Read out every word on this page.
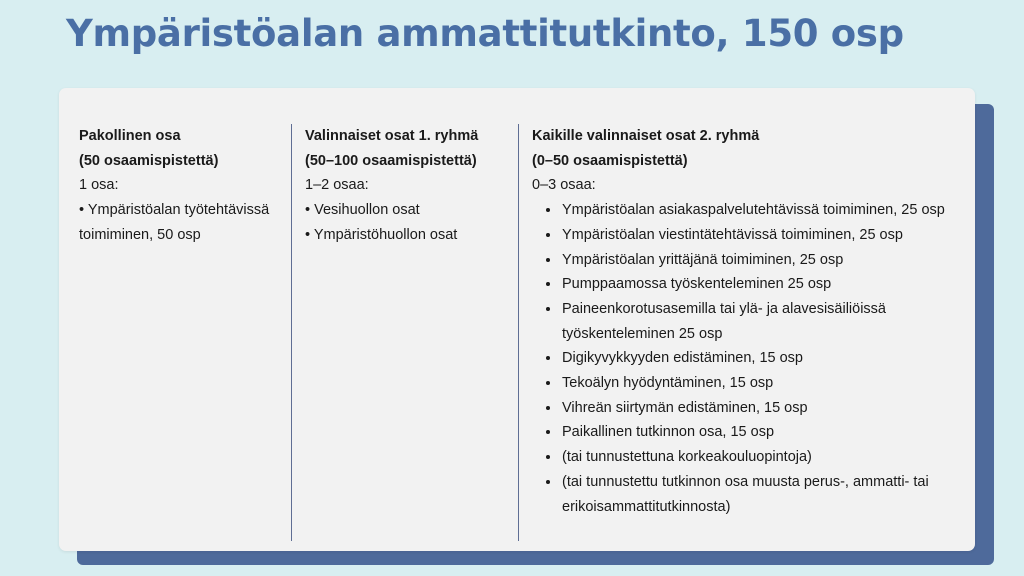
Ympäristöalan ammattitutkinto, 150 osp

Pakollinen osa

(50 osaamispistettä)

1 osa:

• Ympäristöalan työtehtävissä toimiminen, 50 osp

Valinnaiset osat 1. ryhmä

(50–100 osaamispistettä)

1–2 osaa:

• Vesihuollon osat
• Ympäristöhuollon osat

Kaikille valinnaiset osat 2. ryhmä

(0–50 osaamispistettä)

0–3 osaa:

• Ympäristöalan asiakaspalvelutehtävissä toimiminen, 25 osp
• Ympäristöalan viestintätehtävissä toimiminen, 25 osp
• Ympäristöalan yrittäjänä toimiminen, 25 osp
• Pumppaamossa työskenteleminen 25 osp
• Paineenkorotusasemilla tai ylä- ja alavesisäiliöissä työskenteleminen 25 osp
• Digikyvykkyyden edistäminen, 15 osp
• Tekoälyn hyödyntäminen, 15 osp
• Vihreän siirtymän edistäminen, 15 osp
• Paikallinen tutkinnon osa, 15 osp
• (tai tunnustettuna korkeakouluopintoja)
• (tai tunnustettu tutkinnon osa muusta perus-, ammatti- tai erikoisammattitutkinnosta)
